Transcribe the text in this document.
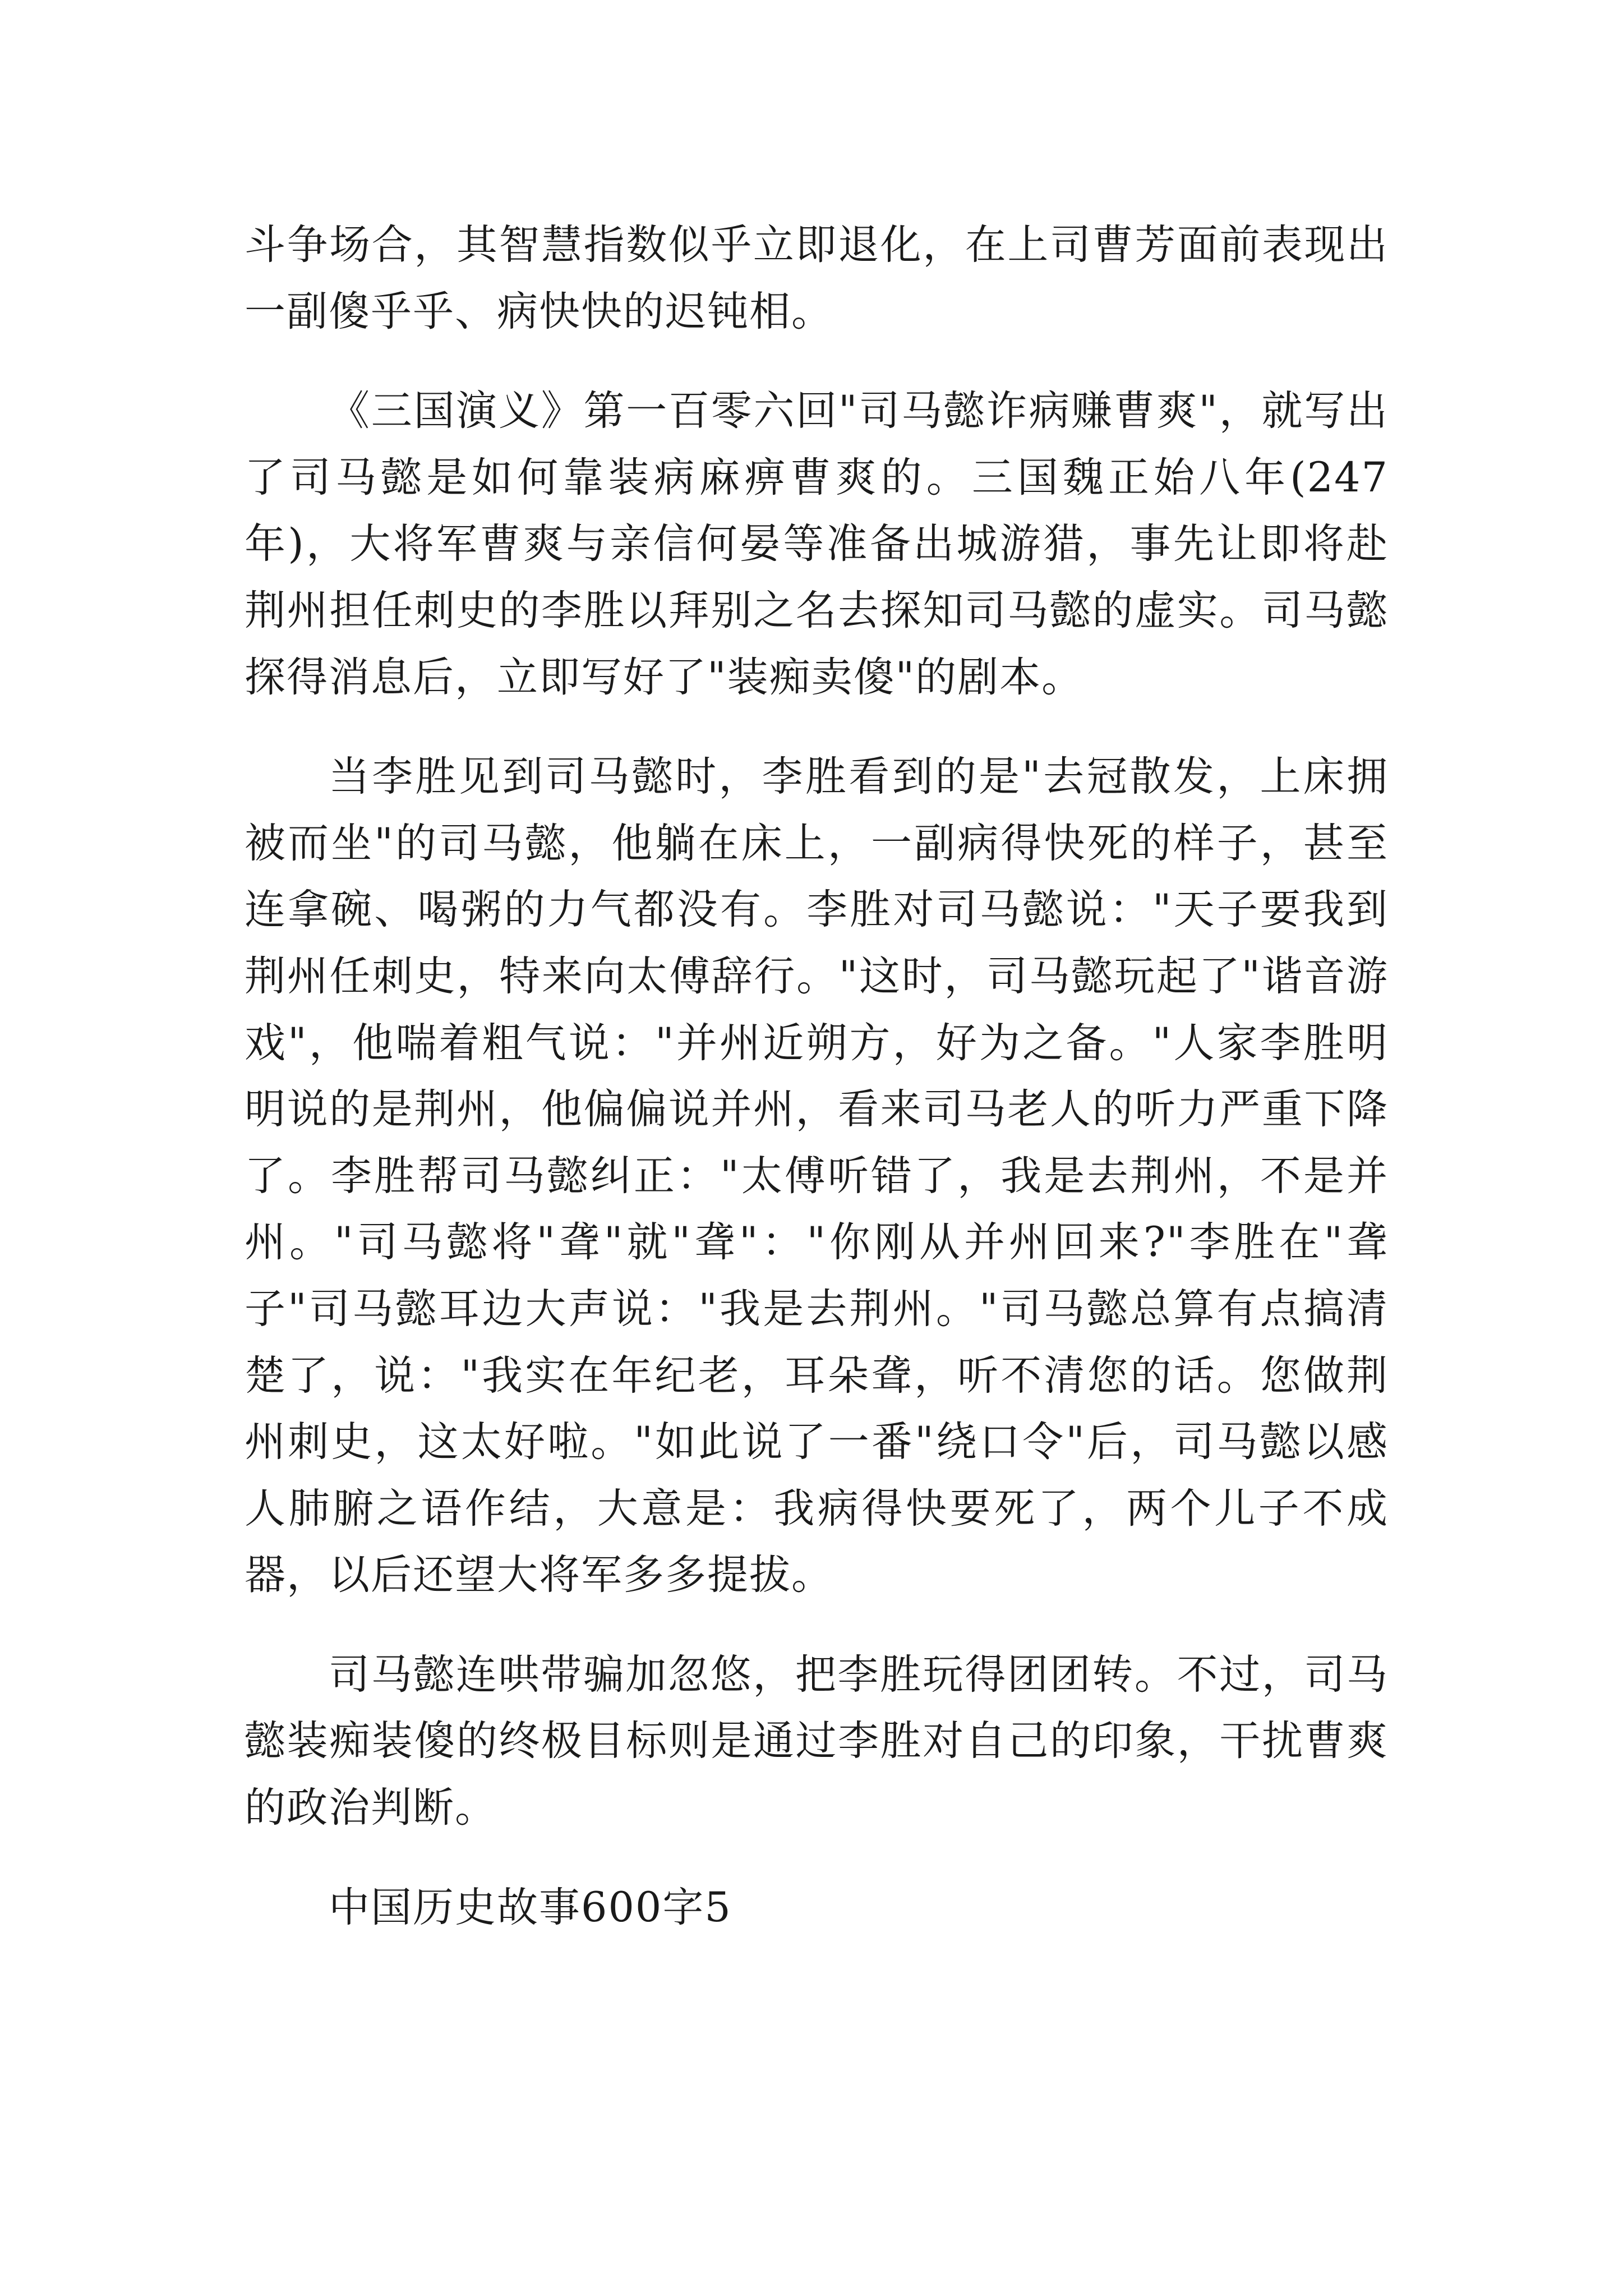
斗争场合，其智慧指数似乎立即退化，在上司曹芳面前表现出一副傻乎乎、病快快的迟钝相。

《三国演义》第一百零六回"司马懿诈病赚曹爽"，就写出了司马懿是如何靠装病麻痹曹爽的。三国魏正始八年(247年)，大将军曹爽与亲信何晏等准备出城游猎，事先让即将赴荆州担任刺史的李胜以拜别之名去探知司马懿的虚实。司马懿探得消息后，立即写好了"装痴卖傻"的剧本。

当李胜见到司马懿时，李胜看到的是"去冠散发，上床拥被而坐"的司马懿，他躺在床上，一副病得快死的样子，甚至连拿碗、喝粥的力气都没有。李胜对司马懿说："天子要我到荆州任刺史，特来向太傅辞行。"这时，司马懿玩起了"谐音游戏"，他喘着粗气说："并州近朔方，好为之备。"人家李胜明明说的是荆州，他偏偏说并州，看来司马老人的听力严重下降了。李胜帮司马懿纠正："太傅听错了，我是去荆州，不是并州。"司马懿将"聋"就"聋"："你刚从并州回来?"李胜在"聋子"司马懿耳边大声说："我是去荆州。"司马懿总算有点搞清楚了，说："我实在年纪老，耳朵聋，听不清您的话。您做荆州刺史，这太好啦。"如此说了一番"绕口令"后，司马懿以感人肺腑之语作结，大意是：我病得快要死了，两个儿子不成器，以后还望大将军多多提拔。

司马懿连哄带骗加忽悠，把李胜玩得团团转。不过，司马懿装痴装傻的终极目标则是通过李胜对自己的印象，干扰曹爽的政治判断。

中国历史故事600字5
